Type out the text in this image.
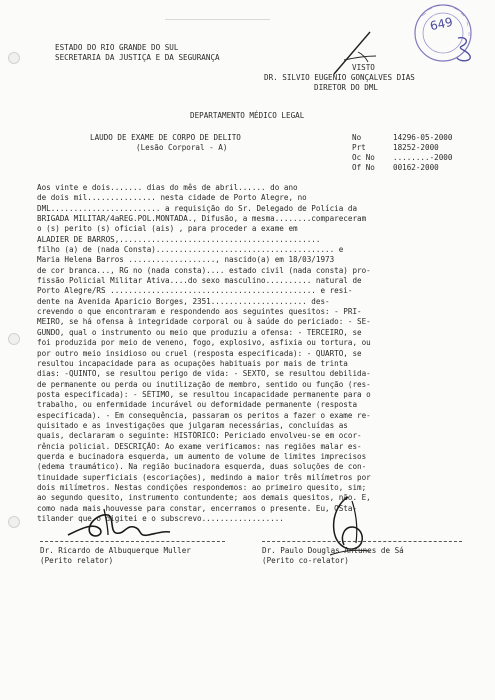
ESTADO DO RIO GRANDE DO SUL
SECRETARIA DA JUSTIÇA E DA SEGURANÇA
VISTO
DR. SILVIO EUGENIO GONÇALVES DIAS
DIRETOR DO DML
649
DEPARTAMENTO MÉDICO LEGAL
LAUDO DE EXAME DE CORPO DE DELITO
(Lesão Corporal - A)
No	14296-05-2000
Prt	18252-2000
Oc No ........-2000
Of No 00162-2000
Aos vinte e dois....... dias do mês de abril...... do ano
de dois mil............... nesta cidade de Porto Alegre, no
DML........................ a requisição do Sr. Delegado de Polícia da
BRIGADA MILITAR/4aREG.POL.MONTADA., Difusão, a mesma........compareceram
o (s) perito (s) oficial (ais) , para proceder a exame em
ALADIER DE BARROS,............................................
filho (a) de (nada Consta)....................................... e
Maria Helena Barros ..................., nascido(a) em 18/03/1973
de cor branca..., RG no (nada consta).... estado civil (nada consta) pro-
fissão Policial Militar Ativa....do sexo masculino.......... natural de
Porto Alegre/RS ............................................. e resi-
dente na Avenida Aparicio Borges, 2351..................... des-
crevendo o que encontraram e respondendo aos seguintes quesitos: - PRI-
MEIRO, se há ofensa à integridade corporal ou à saúde do periciado: - SE-
GUNDO, qual o instrumento ou meio que produziu a ofensa: - TERCEIRO, se
foi produzida por meio de veneno, fogo, explosivo, asfixia ou tortura, ou
por outro meio insidioso ou cruel (resposta especificada): - QUARTO, se
resultou incapacidade para as ocupações habituais por mais de trinta
dias: -QUINTO, se resultou perigo de vida: - SEXTO, se resultou debilida-
de permanente ou perda ou inutilização de membro, sentido ou função (res-
posta especificada): - SÉTIMO, se resultou incapacidade permanente para o
trabalho, ou enfermidade incurável ou deformidade permanente (resposta
especificada). - Em consequência, passaram os peritos a fazer o exame re-
quisitado e as investigações que julgaram necessárias, concluídas as
quais, declararam o seguinte: HISTÓRICO: Periciado envolveu-se em ocor-
rência policial. DESCRIÇÃO: Ao exame verificamos: nas regiões malar es-
querda e bucinadora esquerda, um aumento de volume de limites imprecisos
(edema traumático). Na região bucinadora esquerda, duas soluções de con-
tinuidade superficiais (escoriações), medindo a maior três milímetros por
dois milímetros. Nestas condições respondemos: ao primeiro quesito, sim;
ao segundo quesito, instrumento contundente; aos demais quesitos, não. E,
como nada mais houvesse para constar, encerramos o presente. Eu, OSta-
tilander que o digitei e o subscrevo..................
Dr. Ricardo de Albuquerque Muller
(Perito relator)
Dr. Paulo Douglas Antunes de Sá
(Perito co-relator)
